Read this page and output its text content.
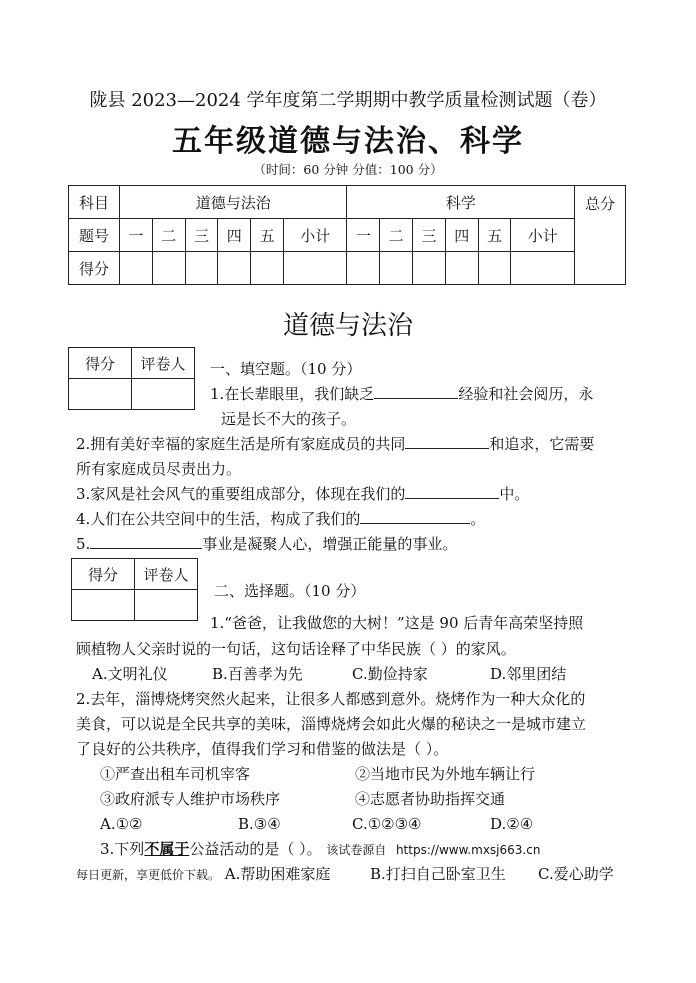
陇县 2023—2024 学年度第二学期期中教学质量检测试题（卷）
五年级道德与法治、科学
（时间：60 分钟 分值：100 分）
科目	道德与法治						科学						总分
题号	一	二	三	四	五	小计	一	二	三	四	五	小计	
得分													
道德与法治
得分	评卷人
	一、填空题。（10 分）
1.在长辈眼里，我们缺乏	经验和社会阅历，永
远是长不大的孩子。
2.拥有美好幸福的家庭生活是所有家庭成员的共同	和追求，它需要
所有家庭成员尽责出力。
3.家风是社会风气的重要组成部分，体现在我们的	中。
4.人们在公共空间中的生活，构成了我们的	。
5.	事业是凝聚人心，增强正能量的事业。
得分	评卷人

二、选择题。（10 分）
1.“爸爸，让我做您的大树！”这是 90 后青年高荣坚持照
顾植物人父亲时说的一句话，这句话诠释了中华民族（ ）的家风。
A.文明礼仪	B.百善孝为先	C.勤俭持家	D.邻里团结
2.去年，淄博烧烤突然火起来，让很多人都感到意外。烧烤作为一种大众化的
美食，可以说是全民共享的美味，淄博烧烤会如此火爆的秘诀之一是城市建立
了良好的公共秩序，值得我们学习和借鉴的做法是（ ）。
①严查出租车司机宰客	②当地市民为外地车辆让行
③政府派专人维护市场秩序	④志愿者协助指挥交通
A.①②	B.③④	C.①②③④	D.②④
3.下列不属于公益活动的是（ ）。 该试卷源自 https://www.mxsj663.cn
每日更新，享更低价下载。 A.帮助困难家庭	B.打扫自己卧室卫生 C.爱心助学
